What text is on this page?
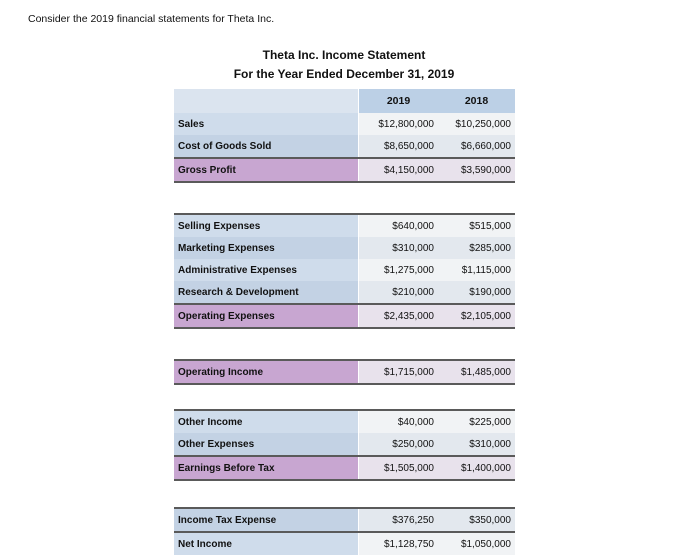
Consider the 2019 financial statements for Theta Inc.
Theta Inc. Income Statement
For the Year Ended December 31, 2019
		2019	2018
Sales		$12,800,000	$10,250,000
Cost of Goods Sold		$8,650,000	$6,660,000
Gross Profit		$4,150,000	$3,590,000
Selling Expenses		$640,000	$515,000
Marketing Expenses		$310,000	$285,000
Administrative Expenses		$1,275,000	$1,115,000
Research & Development		$210,000	$190,000
Operating Expenses		$2,435,000	$2,105,000
Operating Income		$1,715,000	$1,485,000
Other Income		$40,000	$225,000
Other Expenses		$250,000	$310,000
Earnings Before Tax		$1,505,000	$1,400,000
Income Tax Expense		$376,250	$350,000
Net Income		$1,128,750	$1,050,000
